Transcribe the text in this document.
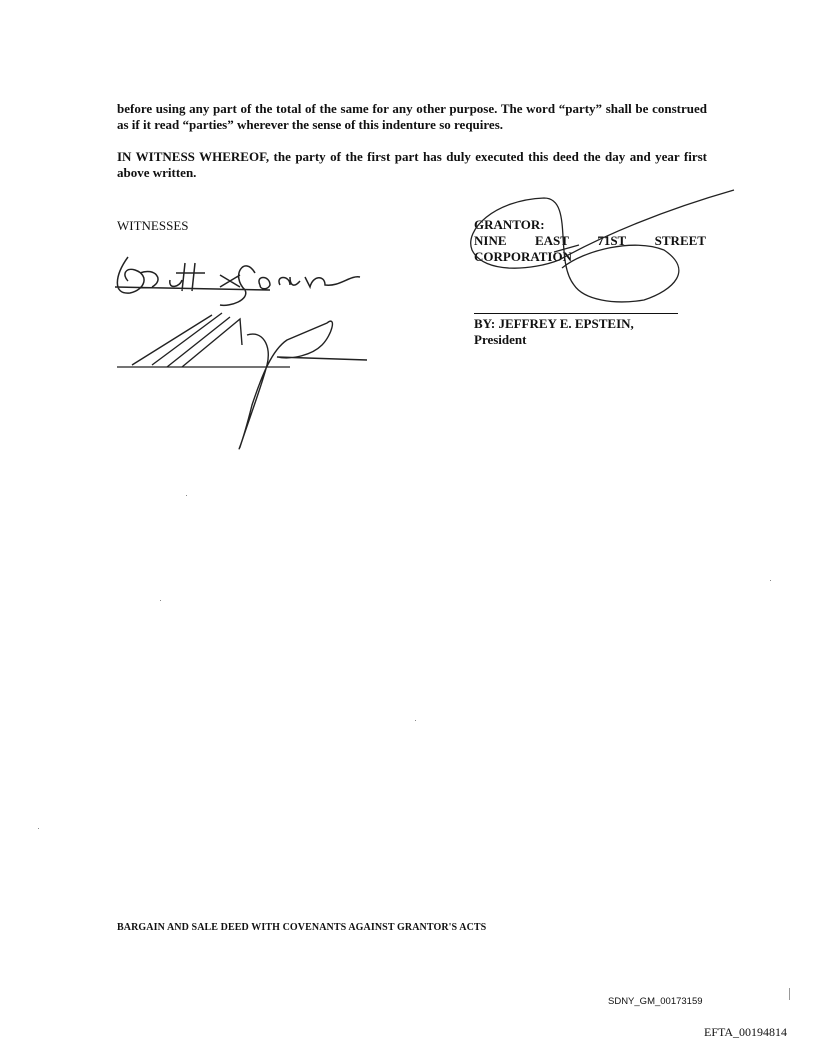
before using any part of the total of the same for any other purpose. The word “party” shall be construed as if it read “parties” wherever the sense of this indenture so requires.

IN WITNESS WHEREOF, the party of the first part has duly executed this deed the day and year first above written.

WITNESSES	GRANTOR:
NINE EAST 71ST STREET
CORPORATION
BY: JEFFREY E. EPSTEIN,
President
BARGAIN AND SALE DEED WITH COVENANTS AGAINST GRANTOR'S ACTS
SDNY_GM_00173159
EFTA_00194814
